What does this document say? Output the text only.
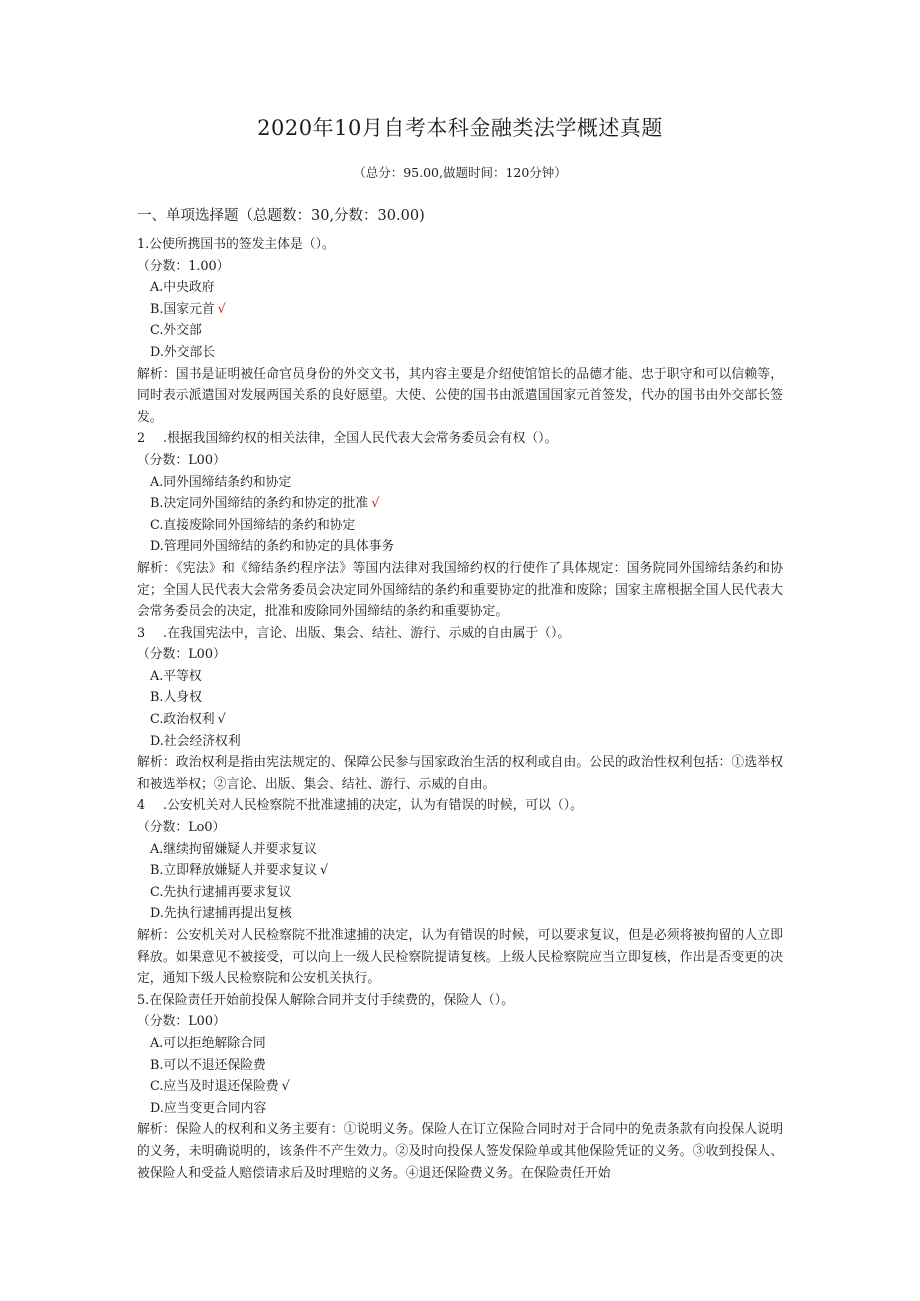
2020年10月自考本科金融类法学概述真题
（总分：95.00,做题时间：120分钟）
一、单项选择题（总题数：30,分数：30.00)
1.公使所携国书的签发主体是（）。
（分数：1.00）
A.中央政府
B.国家元首 √
C.外交部
D.外交部长
解析：国书是证明被任命官员身份的外交文书，其内容主要是介绍使馆馆长的品德才能、忠于职守和可以信赖等，同时表示派遣国对发展两国关系的良好愿望。大使、公使的国书由派遣国国家元首签发，代办的国书由外交部长签发。
2 .根据我国缔约权的相关法律，全国人民代表大会常务委员会有权（）。
（分数：L00）
A.同外国缔结条约和协定
B.决定同外国缔结的条约和协定的批准 √
C.直接废除同外国缔结的条约和协定
D.管理同外国缔结的条约和协定的具体事务
解析：《宪法》和《缔结条约程序法》等国内法律对我国缔约权的行使作了具体规定：国务院同外国缔结条约和协定；全国人民代表大会常务委员会决定同外国缔结的条约和重要协定的批准和废除；国家主席根据全国人民代表大会常务委员会的决定，批准和废除同外国缔结的条约和重要协定。
3 .在我国宪法中，言论、出版、集会、结社、游行、示威的自由属于（）。
（分数：L00）
A.平等权
B.人身权
C.政治权利 √
D.社会经济权利
解析：政治权利是指由宪法规定的、保障公民参与国家政治生活的权利或自由。公民的政治性权利包括：①选举权和被选举权；②言论、出版、集会、结社、游行、示威的自由。
4 .公安机关对人民检察院不批准逮捕的决定，认为有错误的时候，可以（）。
（分数：Lo0）
A.继续拘留嫌疑人并要求复议
B.立即释放嫌疑人并要求复议 √
C.先执行逮捕再要求复议
D.先执行逮捕再提出复核
解析：公安机关对人民检察院不批准逮捕的决定，认为有错误的时候，可以要求复议，但是必须将被拘留的人立即释放。如果意见不被接受，可以向上一级人民检察院提请复核。上级人民检察院应当立即复核，作出是否变更的决定，通知下级人民检察院和公安机关执行。
5.在保险责任开始前投保人解除合同并支付手续费的，保险人（）。
（分数：L00）
A.可以拒绝解除合同
B.可以不退还保险费
C.应当及时退还保险费 √
D.应当变更合同内容
解析：保险人的权利和义务主要有：①说明义务。保险人在订立保险合同时对于合同中的免责条款有向投保人说明的义务，未明确说明的，该条件不产生效力。②及时向投保人签发保险单或其他保险凭证的义务。③收到投保人、被保险人和受益人赔偿请求后及时理赔的义务。④退还保险费义务。在保险责任开始
